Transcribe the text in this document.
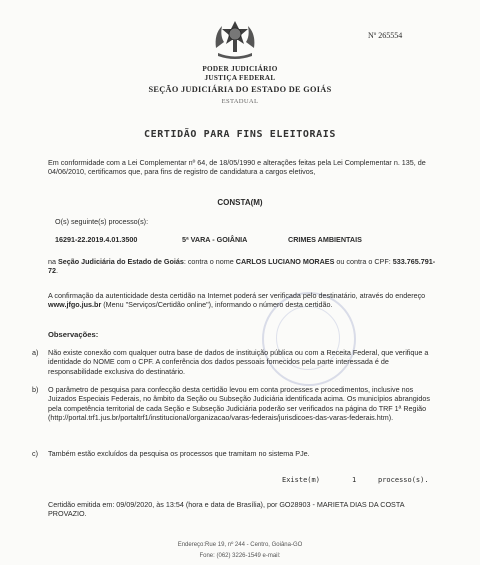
Nº 265554
PODER JUDICIÁRIO
JUSTIÇA FEDERAL
SEÇÃO JUDICIÁRIA DO ESTADO DE GOIÁS
ESTADUAL
CERTIDÃO PARA FINS ELEITORAIS

Em conformidade com a Lei Complementar nº 64, de 18/05/1990 e alterações feitas pela Lei Complementar n. 135, de 04/06/2010, certificamos que, para fins de registro de candidatura a cargos eletivos,

CONSTA(M)
O(s) seguinte(s) processo(s):
16291-22.2019.4.01.3500	5ª VARA - GOIÂNIA	CRIMES AMBIENTAIS

na Seção Judiciária do Estado de Goiás: contra o nome CARLOS LUCIANO MORAES ou contra o CPF: 533.765.791-72.

A confirmação da autenticidade desta certidão na Internet poderá ser verificada pelo destinatário, através do endereço www.jfgo.jus.br (Menu "Serviços/Certidão online"), informando o número desta certidão.

Observações:
a) Não existe conexão com qualquer outra base de dados de instituição pública ou com a Receita Federal, que verifique a identidade do NOME com o CPF. A conferência dos dados pessoais fornecidos pela parte interessada é de responsabilidade exclusiva do destinatário.

b) O parâmetro de pesquisa para confecção desta certidão levou em conta processes e procedimentos, inclusive nos Juizados Especiais Federais, no âmbito da Seção ou Subseção Judiciária identificada acima. Os municípios abrangidos pela competência territorial de cada Seção e Subseção Judiciária poderão ser verificados na página do TRF 1ª Região (http://portal.trf1.jus.br/portaltrf1/institucional/organizacao/varas-federais/jurisdicoes-das-varas-federais.htm).

c) Também estão excluídos da pesquisa os processos que tramitam no sistema PJe.

Existe(m)	1	processo(s).

Certidão emitida em: 09/09/2020, às 13:54 (hora e data de Brasília), por GO28903 - MARIETA DIAS DA COSTA PROVAZIO.

Endereço:Rue 19, nº 244 - Centro, Goiâna-GO
Fone: (062) 3226-1549 e-mail:
